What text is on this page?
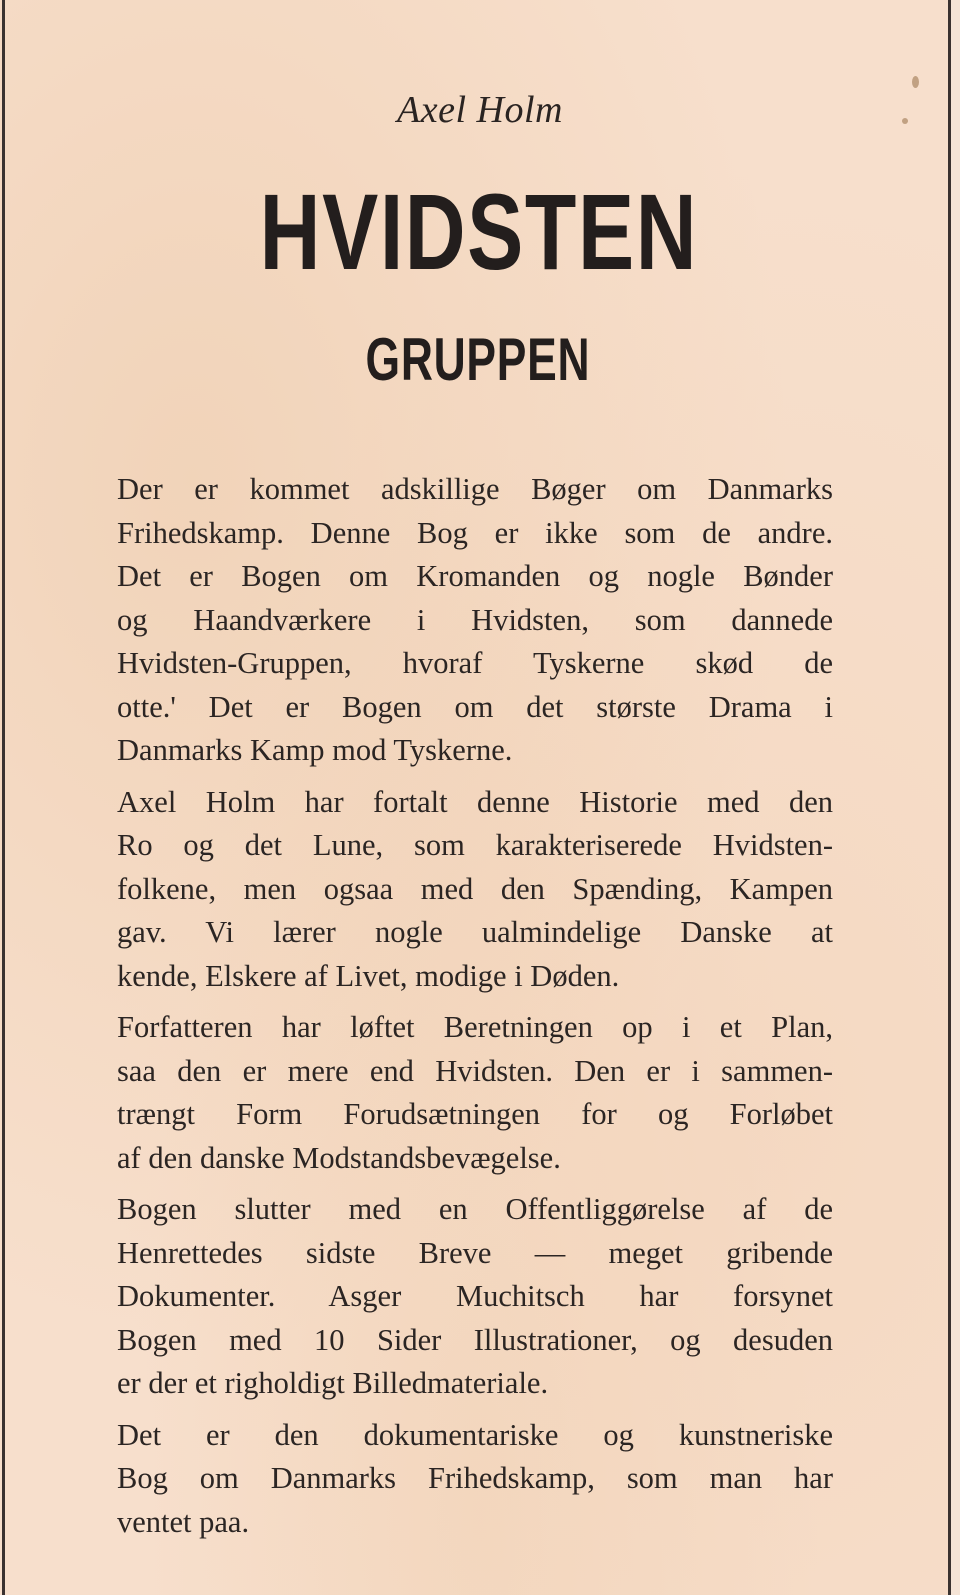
Axel Holm
HVIDSTEN
GRUPPEN
Der er kommet adskillige Bøger om Danmarks
Frihedskamp. Denne Bog er ikke som de andre.
Det er Bogen om Kromanden og nogle Bønder
og Haandværkere i Hvidsten, som dannede
Hvidsten-Gruppen, hvoraf Tyskerne skød de
otte.' Det er Bogen om det største Drama i
Danmarks Kamp mod Tyskerne.
Axel Holm har fortalt denne Historie med den
Ro og det Lune, som karakteriserede Hvidsten-
folkene, men ogsaa med den Spænding, Kampen
gav. Vi lærer nogle ualmindelige Danske at
kende, Elskere af Livet, modige i Døden.
Forfatteren har løftet Beretningen op i et Plan,
saa den er mere end Hvidsten. Den er i sammen-
trængt Form Forudsætningen for og Forløbet
af den danske Modstandsbevægelse.
Bogen slutter med en Offentliggørelse af de
Henrettedes sidste Breve — meget gribende
Dokumenter. Asger Muchitsch har forsynet
Bogen med 10 Sider Illustrationer, og desuden
er der et righoldigt Billedmateriale.
Det er den dokumentariske og kunstneriske
Bog om Danmarks Frihedskamp, som man har
ventet paa.
